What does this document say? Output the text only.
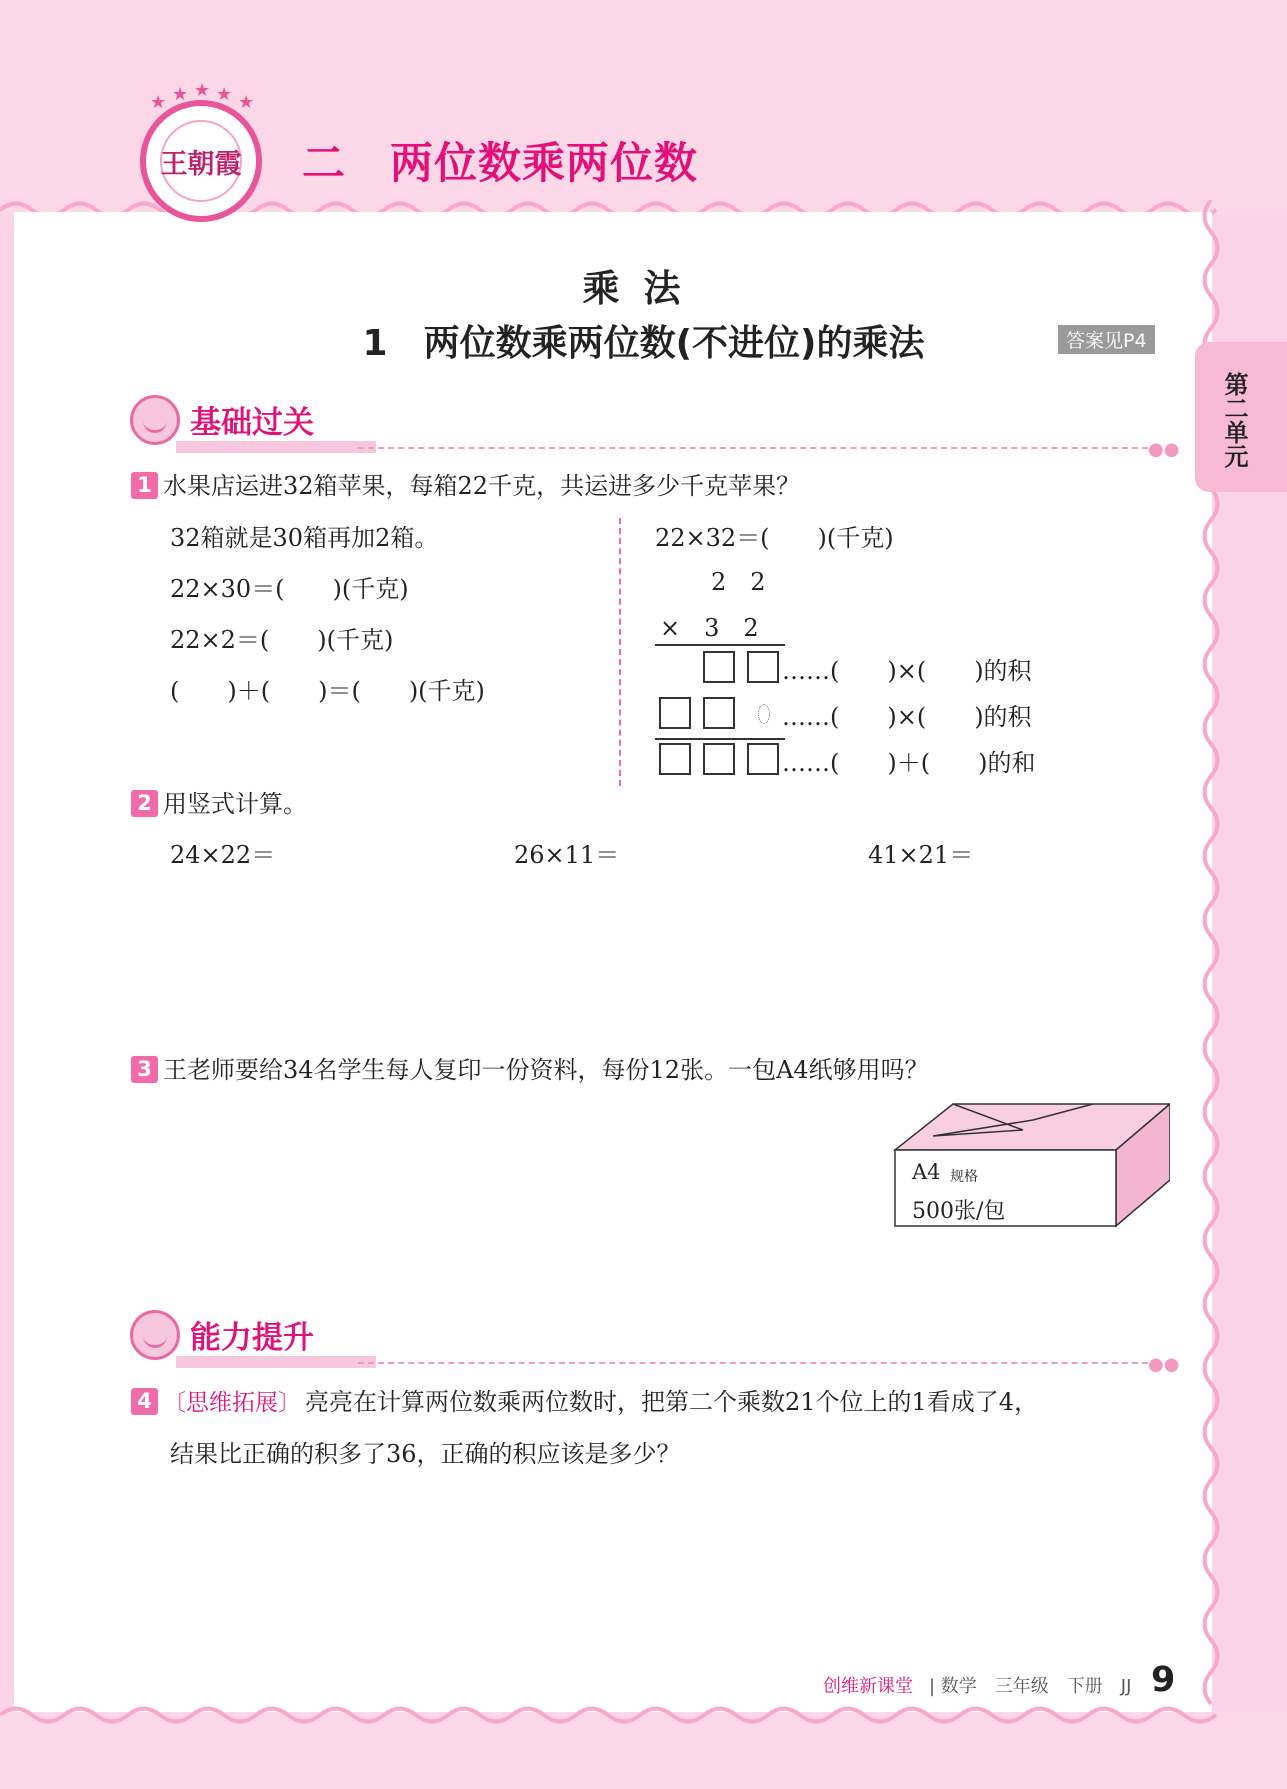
★ ★ ★ ★ ★
王朝霞 二　两位数乘两位数
第二单元
乘法
1　两位数乘两位数(不进位)的乘法	答案见P4
基础过关
●●
1 水果店运进32箱苹果，每箱22千克，共运进多少千克苹果？
32箱就是30箱再加2箱。
22×30＝(　　)(千克)
22×2＝(　　)(千克)
(　　)＋(　　)＝(　　)(千克)
22×32＝(　　)(千克)
2　2
×　3　2
……(　　)×(　　)的积
……(　　)×(　　)的积
……(　　)＋(　　)的和
2 用竖式计算。
24×22＝	26×11＝	41×21＝
3 王老师要给34名学生每人复印一份资料，每份12张。一包A4纸够用吗？
A4 规格
500张/包
能力提升
●●
4 〔思维拓展〕 亮亮在计算两位数乘两位数时，把第二个乘数21个位上的1看成了4，
结果比正确的积多了36，正确的积应该是多少？
创维新课堂 | 数学　三年级　下册　JJ 9
